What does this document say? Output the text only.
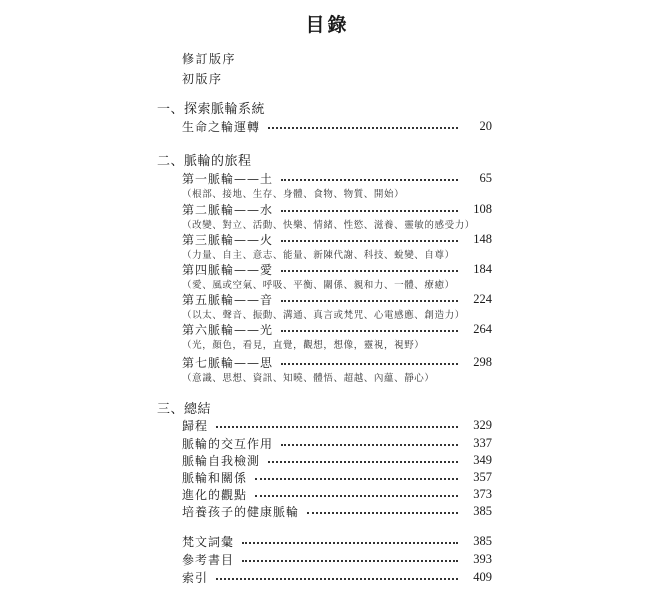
目錄
修訂版序
初版序
一、探索脈輪系統
生命之輪運轉	20
二、脈輪的旅程
第一脈輪——土	65
（根部、接地、生存、身體、食物、物質、開始）
第二脈輪——水	108
（改變、對立、活動、快樂、情緒、性慾、滋養、靈敏的感受力）
第三脈輪——火	148
（力量、自主、意志、能量、新陳代謝、科技、蛻變、自尊）
第四脈輪——愛	184
（愛、風或空氣、呼吸、平衡、關係、親和力、一體、療癒）
第五脈輪——音	224
（以太、聲音、振動、溝通、真言或梵咒、心電感應、創造力）
第六脈輪——光	264
（光，顏色，看見，直覺，觀想，想像，靈視，視野）
第七脈輪——思	298
（意識、思想、資訊、知曉、體悟、超越、內蘊、靜心）
三、總結
歸程	329
脈輪的交互作用	337
脈輪自我檢測	349
脈輪和關係	357
進化的觀點	373
培養孩子的健康脈輪	385
梵文詞彙	385
參考書目	393
索引	409
